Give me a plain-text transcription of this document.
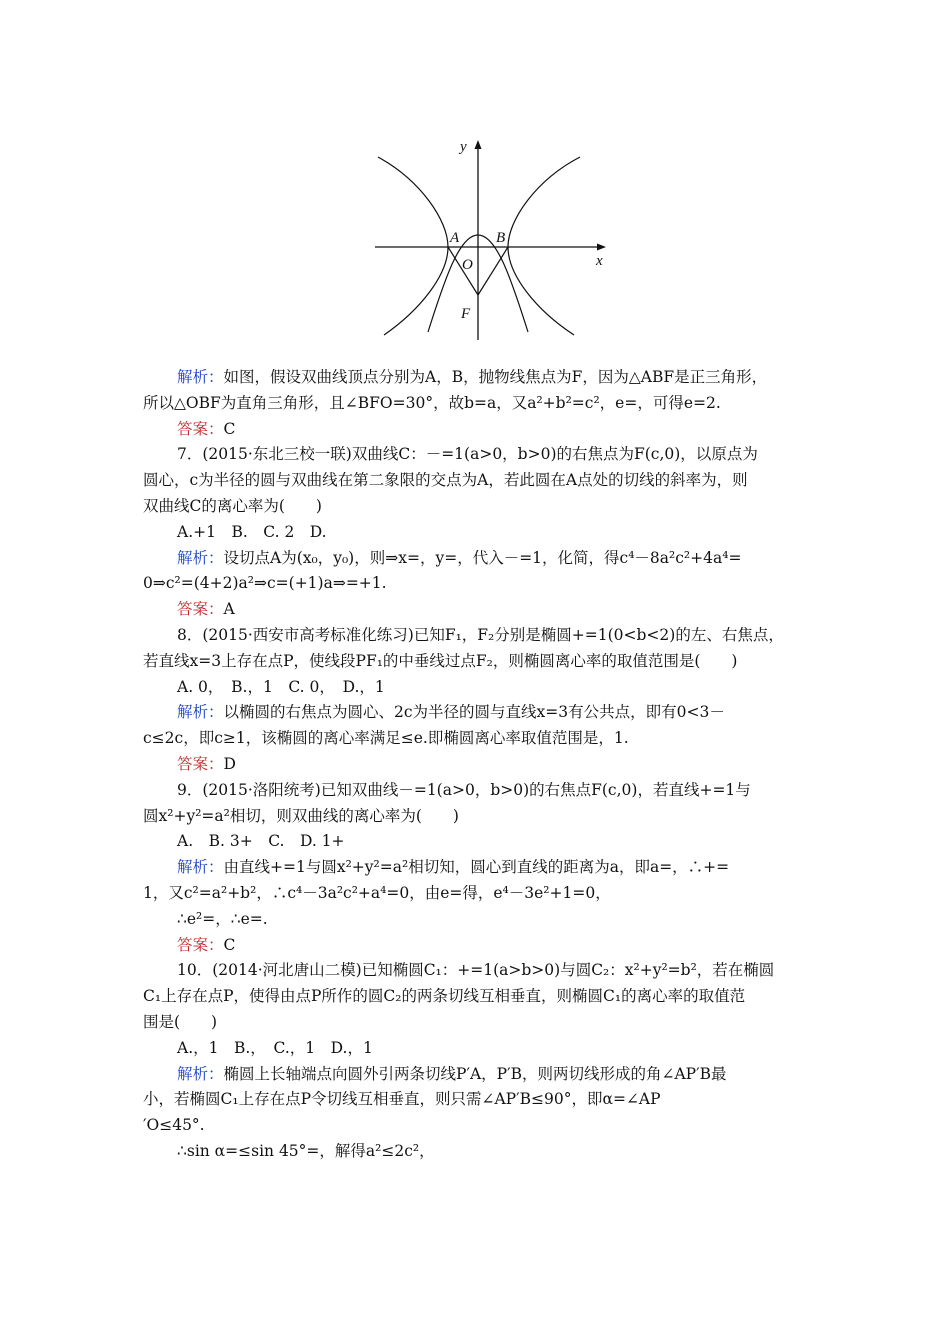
y
x
A B
O
F

解析：如图，假设双曲线顶点分别为A，B，抛物线焦点为F，因为△ABF是正三角形，

所以△OBF为直角三角形，且∠BFO=30°，故b=a，又a²+b²=c²，e=，可得e=2.

答案：C

7．(2015·东北三校一联)双曲线C：－=1(a>0，b>0)的右焦点为F(c,0)，以原点为

圆心，c为半径的圆与双曲线在第二象限的交点为A，若此圆在A点处的切线的斜率为，则

双曲线C的离心率为(　　)

A.+1　B.　C. 2　D.

解析：设切点A为(x₀，y₀)，则⇒x=，y=，代入－=1，化简，得c⁴－8a²c²+4a⁴=

0⇒c²=(4+2)a²⇒c=(+1)a⇒=+1.

答案：A

8．(2015·西安市高考标准化练习)已知F₁，F₂分别是椭圆+=1(0<b<2)的左、右焦点，

若直线x=3上存在点P，使线段PF₁的中垂线过点F₂，则椭圆离心率的取值范围是(　　)

A. 0，　B.，1　C. 0，　D.，1

解析：以椭圆的右焦点为圆心、2c为半径的圆与直线x=3有公共点，即有0<3－

c≤2c，即c≥1，该椭圆的离心率满足≤e.即椭圆离心率取值范围是，1.

答案：D

9．(2015·洛阳统考)已知双曲线－=1(a>0，b>0)的右焦点F(c,0)，若直线+=1与

圆x²+y²=a²相切，则双曲线的离心率为(　　)

A.　B. 3+　C.　D. 1+

解析：由直线+=1与圆x²+y²=a²相切知，圆心到直线的距离为a，即a=，∴+=

1，又c²=a²+b²，∴c⁴－3a²c²+a⁴=0，由e=得，e⁴－3e²+1=0，

∴e²=，∴e=.

答案：C

10．(2014·河北唐山二模)已知椭圆C₁：+=1(a>b>0)与圆C₂：x²+y²=b²，若在椭圆

C₁上存在点P，使得由点P所作的圆C₂的两条切线互相垂直，则椭圆C₁的离心率的取值范

围是(　　)

A.，1　B.，　C.，1　D.，1

解析：椭圆上长轴端点向圆外引两条切线P′A，P′B，则两切线形成的角∠AP′B最

小，若椭圆C₁上存在点P令切线互相垂直，则只需∠AP′B≤90°，即α=∠AP

′O≤45°.

∴sin α=≤sin 45°=，解得a²≤2c²，
